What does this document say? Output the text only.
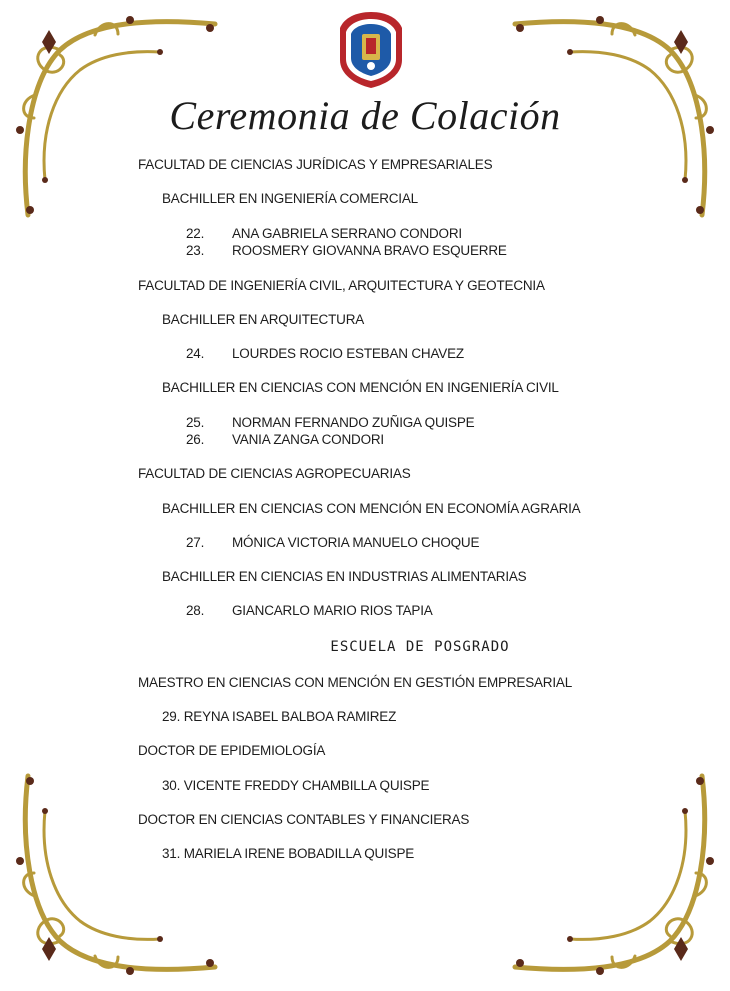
Ceremonia de Colación
FACULTAD DE CIENCIAS JURÍDICAS Y EMPRESARIALES
BACHILLER EN INGENIERÍA COMERCIAL
22. ANA GABRIELA SERRANO CONDORI
23. ROOSMERY GIOVANNA BRAVO ESQUERRE
FACULTAD DE INGENIERÍA CIVIL, ARQUITECTURA Y GEOTECNIA
BACHILLER EN ARQUITECTURA
24. LOURDES ROCIO ESTEBAN CHAVEZ
BACHILLER EN CIENCIAS CON MENCIÓN EN INGENIERÍA CIVIL
25. NORMAN FERNANDO ZUÑIGA QUISPE
26. VANIA ZANGA CONDORI
FACULTAD DE CIENCIAS AGROPECUARIAS
BACHILLER EN CIENCIAS CON MENCIÓN EN ECONOMÍA AGRARIA
27. MÓNICA VICTORIA MANUELO CHOQUE
BACHILLER EN CIENCIAS EN INDUSTRIAS ALIMENTARIAS
28. GIANCARLO MARIO RIOS TAPIA
ESCUELA DE POSGRADO
MAESTRO EN CIENCIAS CON MENCIÓN EN GESTIÓN EMPRESARIAL
29. REYNA ISABEL BALBOA RAMIREZ
DOCTOR DE EPIDEMIOLOGÍA
30. VICENTE FREDDY CHAMBILLA QUISPE
DOCTOR EN CIENCIAS CONTABLES Y FINANCIERAS
31. MARIELA IRENE BOBADILLA QUISPE
